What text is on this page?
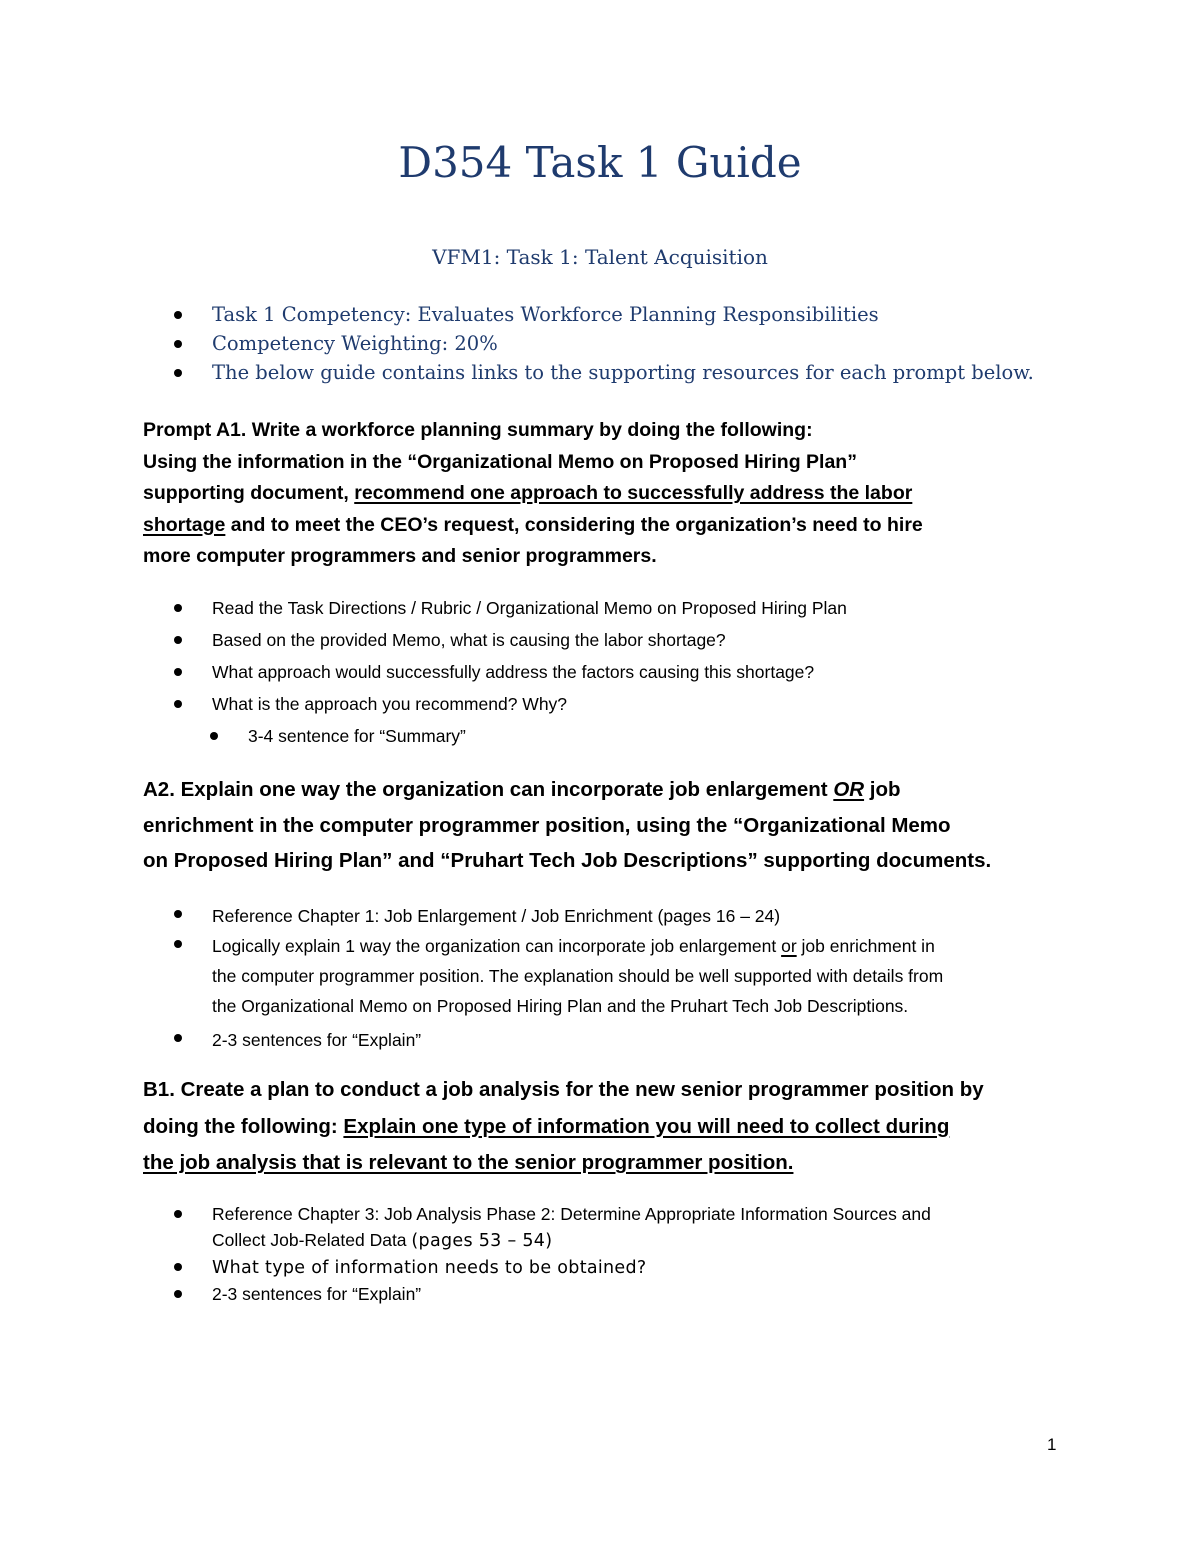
D354 Task 1 Guide
VFM1: Task 1: Talent Acquisition
Task 1 Competency: Evaluates Workforce Planning Responsibilities
Competency Weighting: 20%
The below guide contains links to the supporting resources for each prompt below.
Prompt A1. Write a workforce planning summary by doing the following:
Using the information in the “Organizational Memo on Proposed Hiring Plan”
supporting document, recommend one approach to successfully address the labor
shortage and to meet the CEO’s request, considering the organization’s need to hire
more computer programmers and senior programmers.
Read the Task Directions / Rubric / Organizational Memo on Proposed Hiring Plan
Based on the provided Memo, what is causing the labor shortage?
What approach would successfully address the factors causing this shortage?
What is the approach you recommend? Why?
3-4 sentence for “Summary”
A2. Explain one way the organization can incorporate job enlargement OR job
enrichment in the computer programmer position, using the “Organizational Memo
on Proposed Hiring Plan” and “Pruhart Tech Job Descriptions” supporting documents.
Reference Chapter 1: Job Enlargement / Job Enrichment (pages 16 – 24)
Logically explain 1 way the organization can incorporate job enlargement or job enrichment in
the computer programmer position. The explanation should be well supported with details from
the Organizational Memo on Proposed Hiring Plan and the Pruhart Tech Job Descriptions.
2-3 sentences for “Explain”
B1. Create a plan to conduct a job analysis for the new senior programmer position by
doing the following: Explain one type of information you will need to collect during
the job analysis that is relevant to the senior programmer position.
Reference Chapter 3: Job Analysis Phase 2: Determine Appropriate Information Sources and
Collect Job-Related Data (pages 53 – 54)
What type of information needs to be obtained?
2-3 sentences for “Explain”
1
